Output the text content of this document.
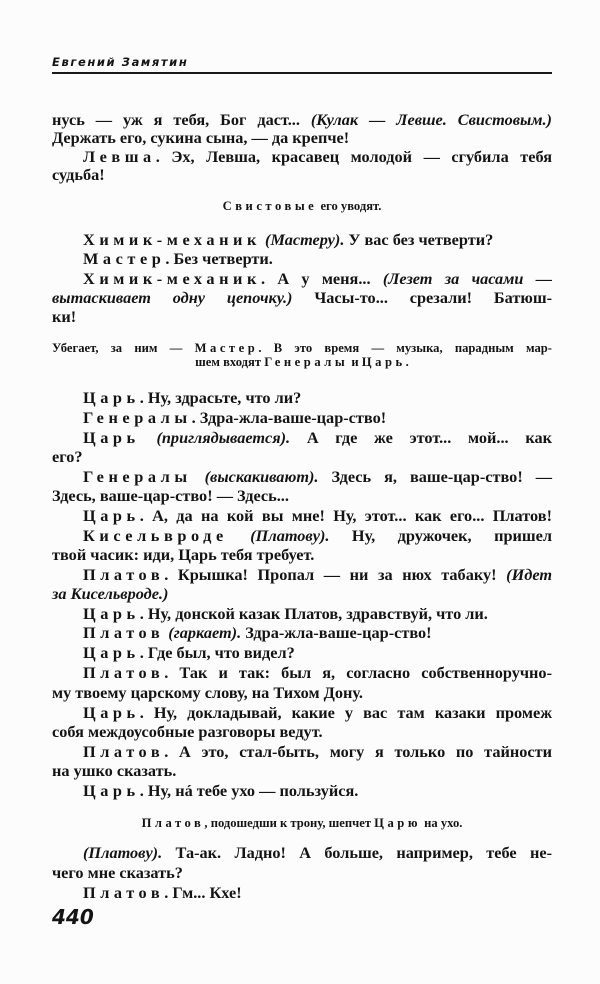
Евгений Замятин
нусь — уж я тебя, Бог даст... (Кулак — Левше. Свистовым.)
Держать его, сукина сына, — да крепче!
Левша. Эх, Левша, красавец молодой — сгубила тебя
судьба!
Свистовые его уводят.
Химик-механик (Мастеру). У вас без четверти?
Мастер. Без четверти.
Химик-механик. А у меня... (Лезет за часами —
вытаскивает одну цепочку.) Часы-то... срезали! Батюш-
ки!
Убегает, за ним — Мастер. В это время — музыка, парадным мар-
шем входят Генералы и Царь.
Царь. Ну, здрасьте, что ли?
Генералы. Здра-жла-ваше-цар-ство!
Царь (приглядывается). А где же этот... мой... как
его?
Генералы (выскакивают). Здесь я, ваше-цар-ство! —
Здесь, ваше-цар-ство! — Здесь...
Царь. А, да на кой вы мне! Ну, этот... как его... Платов!
Кисельвроде (Платову). Ну, дружочек, пришел
твой часик: иди, Царь тебя требует.
Платов. Крышка! Пропал — ни за нюх табаку! (Идет
за Кисельвроде.)
Царь. Ну, донской казак Платов, здравствуй, что ли.
Платов (гаркает). Здра-жла-ваше-цар-ство!
Царь. Где был, что видел?
Платов. Так и так: был я, согласно собственноручно-
му твоему царскому слову, на Тихом Дону.
Царь. Ну, докладывай, какие у вас там казаки промеж
собя междоусобные разговоры ведут.
Платов. А это, стал-быть, могу я только по тайности
на ушко сказать.
Царь. Ну, нá тебе ухо — пользуйся.
Платов, подошедши к трону, шепчет Царю на ухо.
(Платову). Та-ак. Ладно! А больше, например, тебе не-
чего мне сказать?
Платов. Гм... Кхе!
440
